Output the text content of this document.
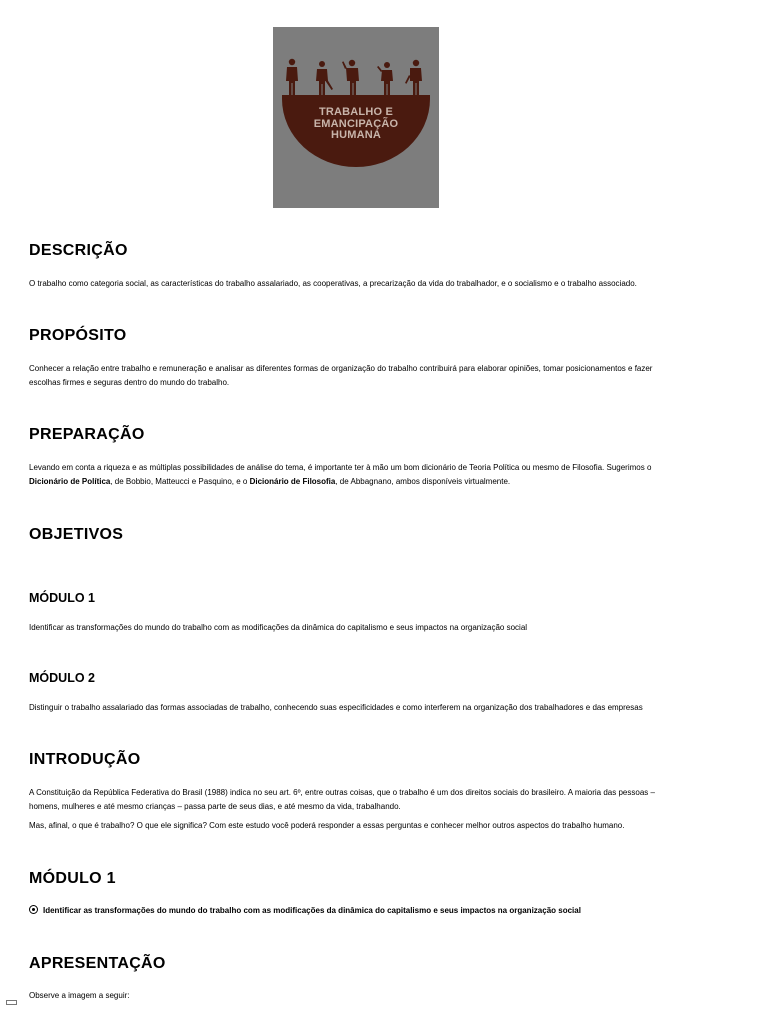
TRABALHO E
EMANCIPAÇÃO
HUMANA
DESCRIÇÃO

O trabalho como categoria social, as características do trabalho assalariado, as cooperativas, a precarização da vida do trabalhador, e o socialismo e o trabalho associado.

PROPÓSITO

Conhecer a relação entre trabalho e remuneração e analisar as diferentes formas de organização do trabalho contribuirá para elaborar opiniões, tomar posicionamentos e fazer escolhas firmes e seguras dentro do mundo do trabalho.

PREPARAÇÃO

Levando em conta a riqueza e as múltiplas possibilidades de análise do tema, é importante ter à mão um bom dicionário de Teoria Política ou mesmo de Filosofia. Sugerimos o Dicionário de Política, de Bobbio, Matteucci e Pasquino, e o Dicionário de Filosofia, de Abbagnano, ambos disponíveis virtualmente.

OBJETIVOS
MÓDULO 1

Identificar as transformações do mundo do trabalho com as modificações da dinâmica do capitalismo e seus impactos na organização social

MÓDULO 2

Distinguir o trabalho assalariado das formas associadas de trabalho, conhecendo suas especificidades e como interferem na organização dos trabalhadores e das empresas

INTRODUÇÃO

A Constituição da República Federativa do Brasil (1988) indica no seu art. 6º, entre outras coisas, que o trabalho é um dos direitos sociais do brasileiro. A maioria das pessoas – homens, mulheres e até mesmo crianças – passa parte de seus dias, e até mesmo da vida, trabalhando.

Mas, afinal, o que é trabalho? O que ele significa? Com este estudo você poderá responder a essas perguntas e conhecer melhor outros aspectos do trabalho humano.

MÓDULO 1
Identificar as transformações do mundo do trabalho com as modificações da dinâmica do capitalismo e seus impactos na organização social
APRESENTAÇÃO

Observe a imagem a seguir:
